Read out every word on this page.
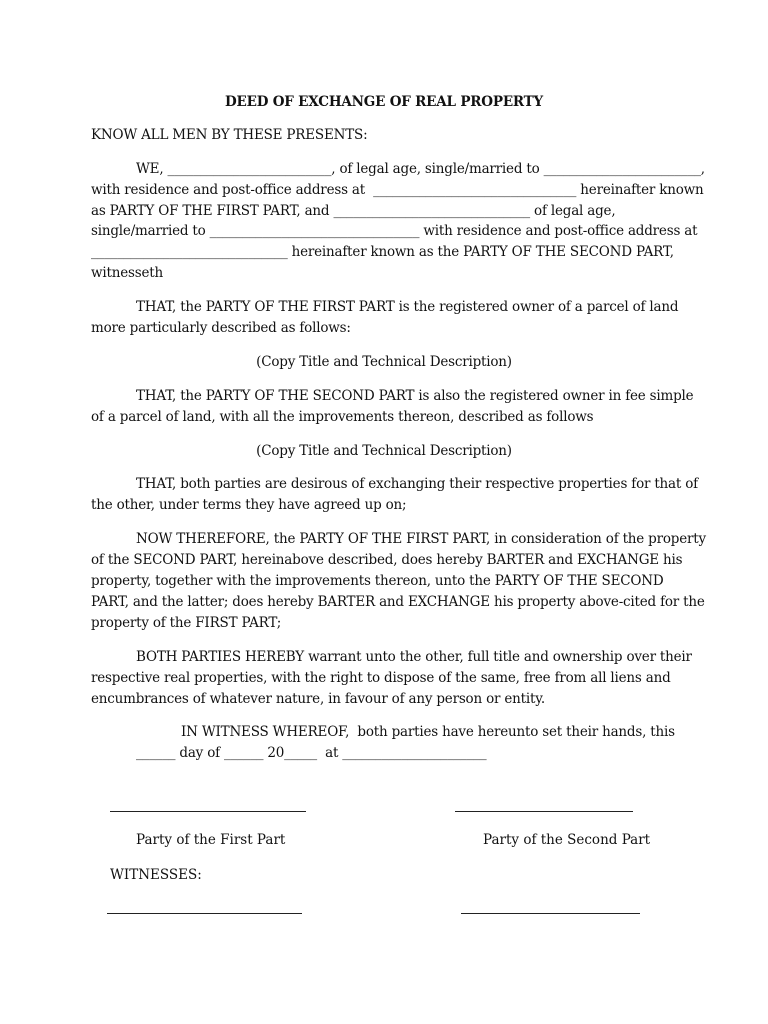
DEED OF EXCHANGE OF REAL PROPERTY
KNOW ALL MEN BY THESE PRESENTS:
WE, _________________________, of legal age, single/married to ________________________,
with residence and post-office address at  _______________________________ hereinafter known
as PARTY OF THE FIRST PART, and ______________________________ of legal age,
single/married to ________________________________ with residence and post-office address at
______________________________ hereinafter known as the PARTY OF THE SECOND PART,
witnesseth
THAT, the PARTY OF THE FIRST PART is the registered owner of a parcel of land
more particularly described as follows:
(Copy Title and Technical Description)
THAT, the PARTY OF THE SECOND PART is also the registered owner in fee simple
of a parcel of land, with all the improvements thereon, described as follows
(Copy Title and Technical Description)
THAT, both parties are desirous of exchanging their respective properties for that of
the other, under terms they have agreed up on;
NOW THEREFORE, the PARTY OF THE FIRST PART, in consideration of the property
of the SECOND PART, hereinabove described, does hereby BARTER and EXCHANGE his
property, together with the improvements thereon, unto the PARTY OF THE SECOND
PART, and the latter; does hereby BARTER and EXCHANGE his property above-cited for the
property of the FIRST PART;
BOTH PARTIES HEREBY warrant unto the other, full title and ownership over their
respective real properties, with the right to dispose of the same, free from all liens and
encumbrances of whatever nature, in favour of any person or entity.
IN WITNESS WHEREOF,  both parties have hereunto set their hands, this
______ day of ______ 20_____  at ______________________
Party of the First Part	Party of the Second Part
WITNESSES:
